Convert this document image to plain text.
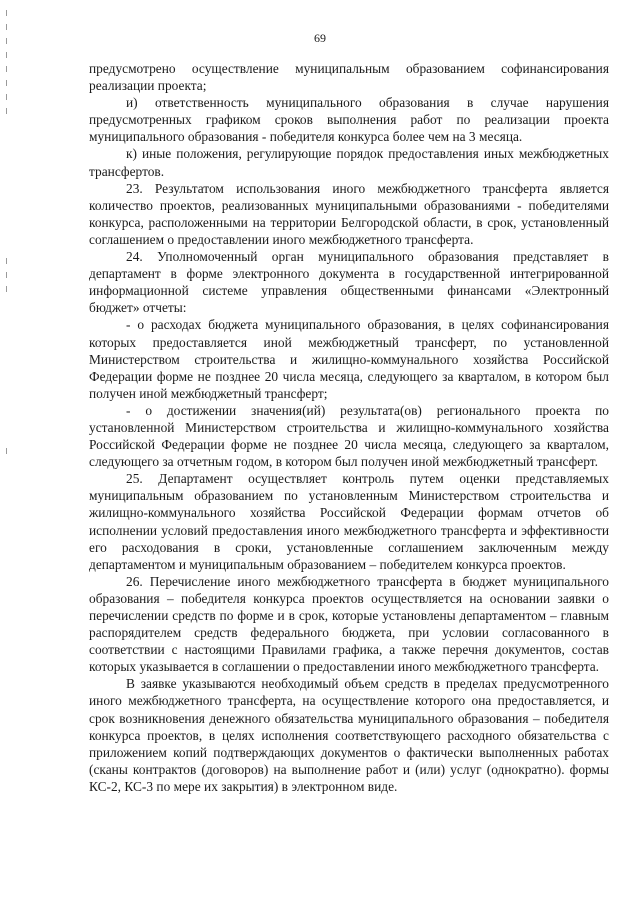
69

предусмотрено осуществление муниципальным образованием софинансирования реализации проекта;

и) ответственность муниципального образования в случае нарушения предусмотренных графиком сроков выполнения работ по реализации проекта муниципального образования - победителя конкурса более чем на 3 месяца.

к) иные положения, регулирующие порядок предоставления иных межбюджетных трансфертов.

23. Результатом использования иного межбюджетного трансферта является количество проектов, реализованных муниципальными образованиями - победителями конкурса, расположенными на территории Белгородской области, в срок, установленный соглашением о предоставлении иного межбюджетного трансферта.

24. Уполномоченный орган муниципального образования представляет в департамент в форме электронного документа в государственной интегрированной информационной системе управления общественными финансами «Электронный бюджет» отчеты:

- о расходах бюджета муниципального образования, в целях софинансирования которых предоставляется иной межбюджетный трансферт, по установленной Министерством строительства и жилищно-коммунального хозяйства Российской Федерации форме не позднее 20 числа месяца, следующего за кварталом, в котором был получен иной межбюджетный трансферт;

- о достижении значения(ий) результата(ов) регионального проекта по установленной Министерством строительства и жилищно-коммунального хозяйства Российской Федерации форме не позднее 20 числа месяца, следующего за кварталом, следующего за отчетным годом, в котором был получен иной межбюджетный трансферт.

25. Департамент осуществляет контроль путем оценки представляемых муниципальным образованием по установленным Министерством строительства и жилищно-коммунального хозяйства Российской Федерации формам отчетов об исполнении условий предоставления иного межбюджетного трансферта и эффективности его расходования в сроки, установленные соглашением заключенным между департаментом и муниципальным образованием – победителем конкурса проектов.

26. Перечисление иного межбюджетного трансферта в бюджет муниципального образования – победителя конкурса проектов осуществляется на основании заявки о перечислении средств по форме и в срок, которые установлены департаментом – главным распорядителем средств федерального бюджета, при условии согласованного в соответствии с настоящими Правилами графика, а также перечня документов, состав которых указывается в соглашении о предоставлении иного межбюджетного трансферта.

В заявке указываются необходимый объем средств в пределах предусмотренного иного межбюджетного трансферта, на осуществление которого она предоставляется, и срок возникновения денежного обязательства муниципального образования – победителя конкурса проектов, в целях исполнения соответствующего расходного обязательства с приложением копий подтверждающих документов о фактически выполненных работах (сканы контрактов (договоров) на выполнение работ и (или) услуг (однократно). формы КС-2, КС-3 по мере их закрытия) в электронном виде.
